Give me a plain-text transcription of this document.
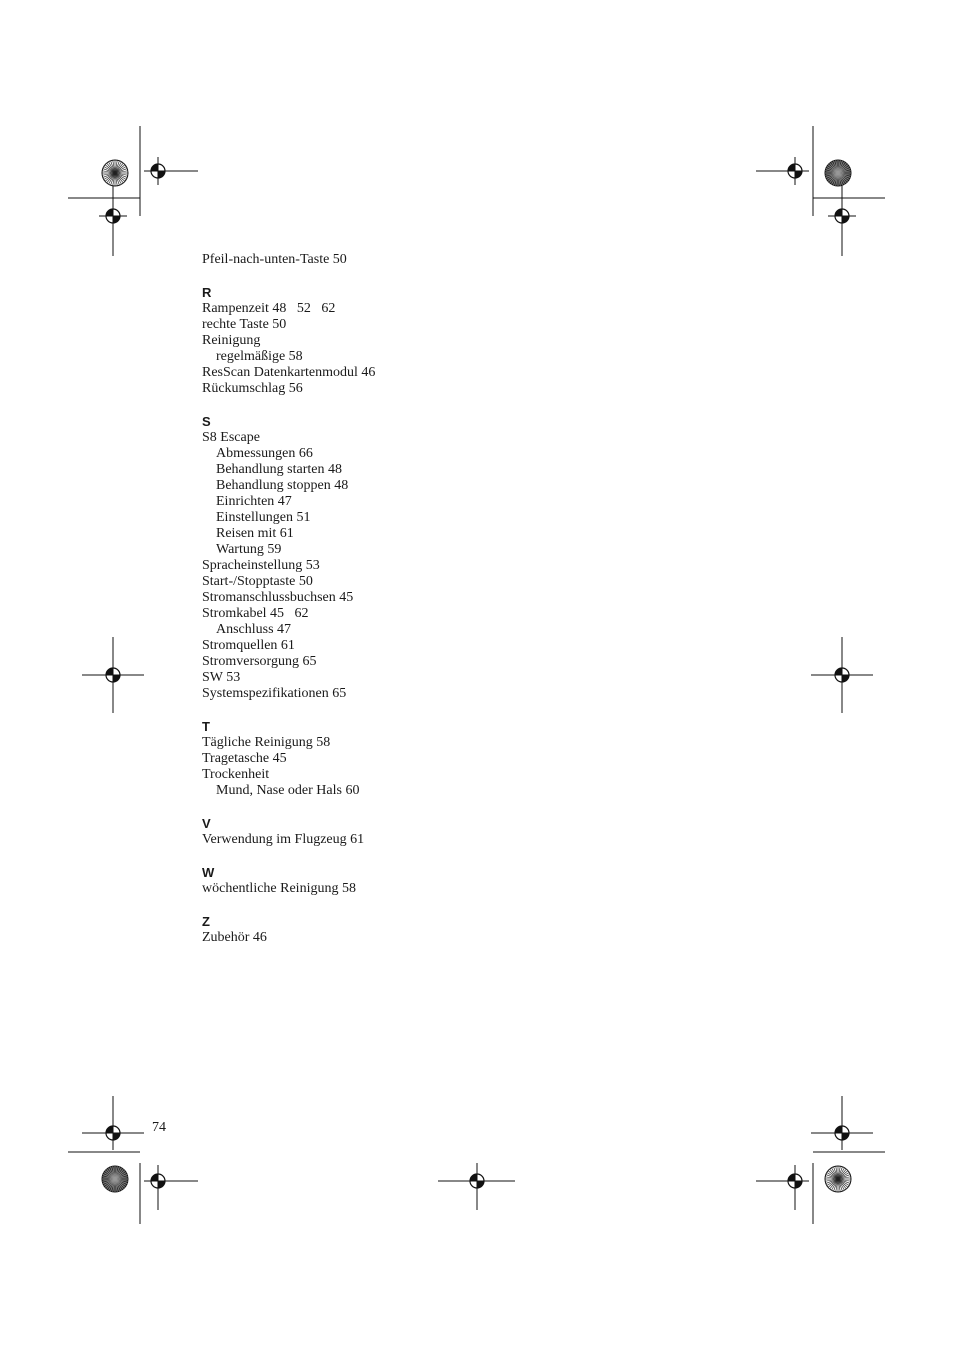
Pfeil-nach-unten-Taste 50
R
Rampenzeit 48   52   62
rechte Taste 50
Reinigung
regelmäßige 58
ResScan Datenkartenmodul 46
Rückumschlag 56
S
S8 Escape
Abmessungen 66
Behandlung starten 48
Behandlung stoppen 48
Einrichten 47
Einstellungen 51
Reisen mit 61
Wartung 59
Spracheinstellung 53
Start-/Stopptaste 50
Stromanschlussbuchsen 45
Stromkabel 45   62
Anschluss 47
Stromquellen 61
Stromversorgung 65
SW 53
Systemspezifikationen 65
T
Tägliche Reinigung 58
Tragetasche 45
Trockenheit
Mund, Nase oder Hals 60
V
Verwendung im Flugzeug 61
W
wöchentliche Reinigung 58
Z
Zubehör 46
74
